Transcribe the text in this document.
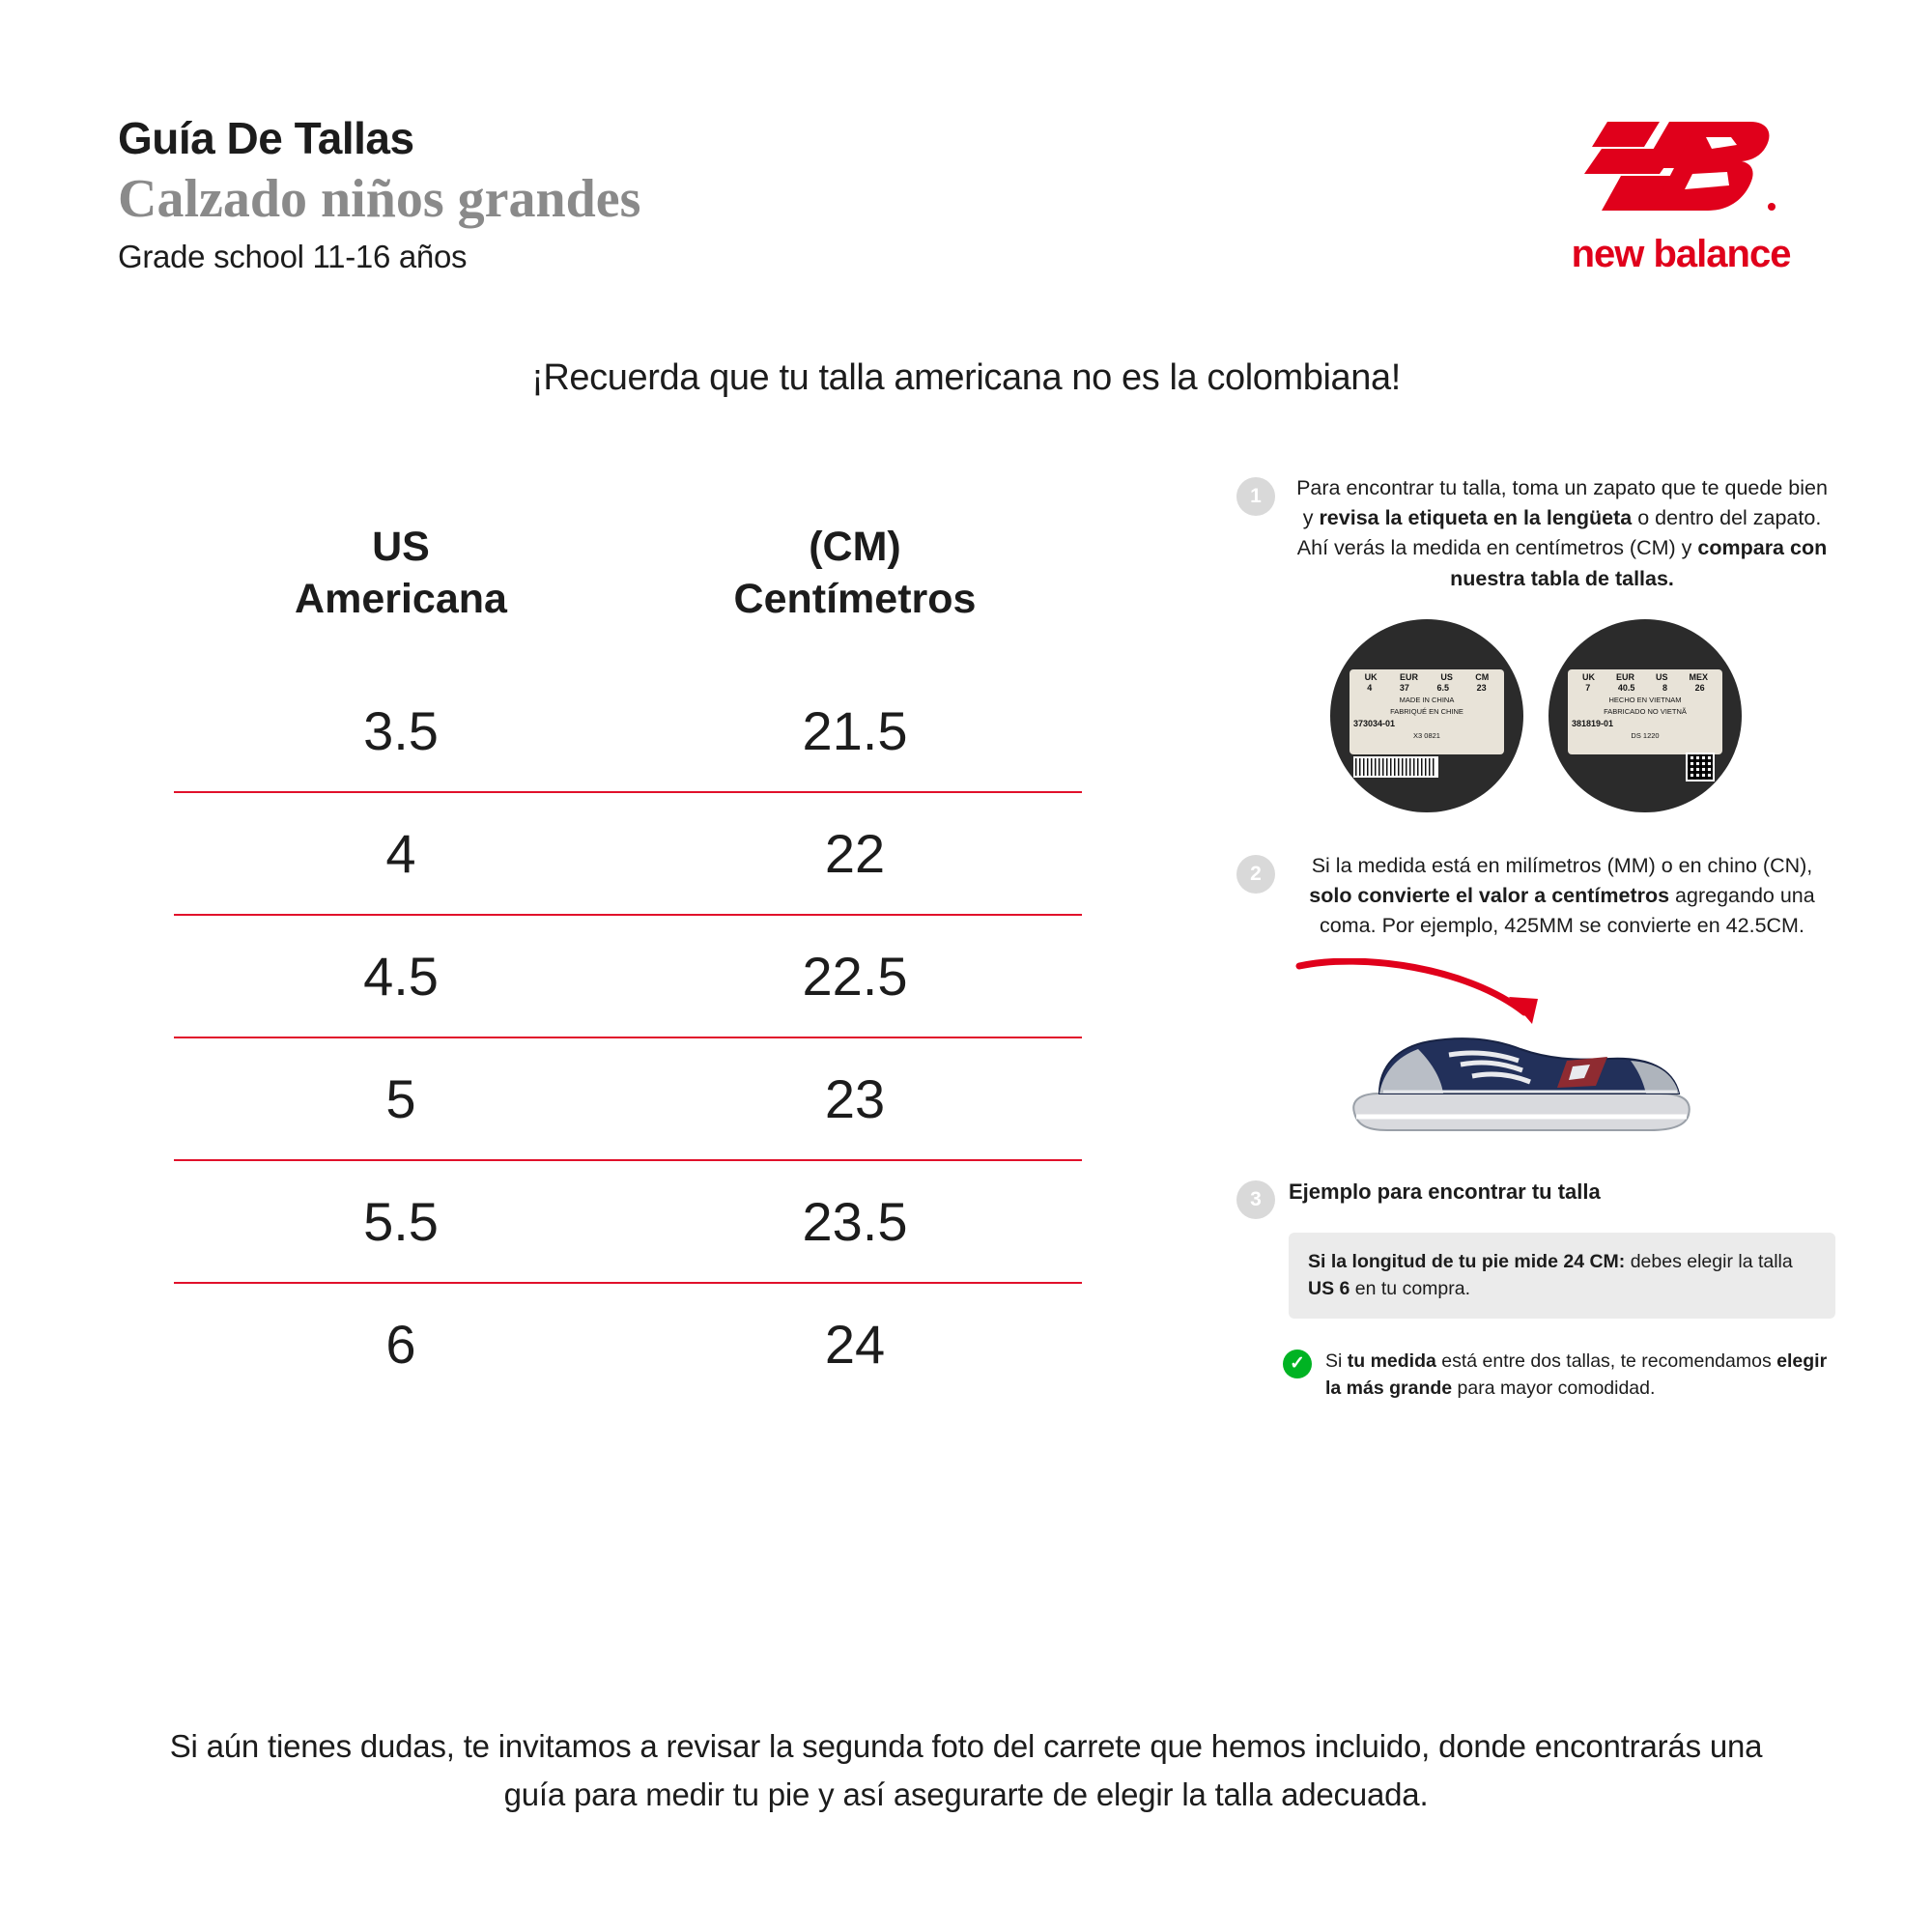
Guía De Tallas
Calzado niños grandes
Grade school 11-16 años	new balance
¡Recuerda que tu talla americana no es la colombiana!
US
Americana

(CM)
Centímetros

3.5	21.5
4	22
4.5	22.5
5	23
5.5	23.5
6	24
1	Para encontrar tu talla, toma un zapato que te quede bien y revisa la etiqueta en la lengüeta o dentro del zapato. Ahí verás la medida en centímetros (CM) y compara con nuestra tabla de tallas.
UK	EUR	US	CM
4	37	6.5	23
MADE IN CHINA
FABRIQUÉ EN CHINE
373034-01
X3 0821
UK EUR US MEX
7	40.5	8	26
HECHO EN VIETNAM
FABRICADO NO VIETNÃ
381819-01
DS 1220
2	Si la medida está en milímetros (MM) o en chino (CN), solo convierte el valor a centímetros agregando una coma. Por ejemplo, 425MM se convierte en 42.5CM.
3	Ejemplo para encontrar tu talla
Si la longitud de tu pie mide 24 CM: debes elegir la talla US 6 en tu compra.
✓	Si tu medida está entre dos tallas, te recomendamos elegir la más grande para mayor comodidad.
Si aún tienes dudas, te invitamos a revisar la segunda foto del carrete que hemos incluido, donde encontrarás una guía para medir tu pie y así asegurarte de elegir la talla adecuada.
